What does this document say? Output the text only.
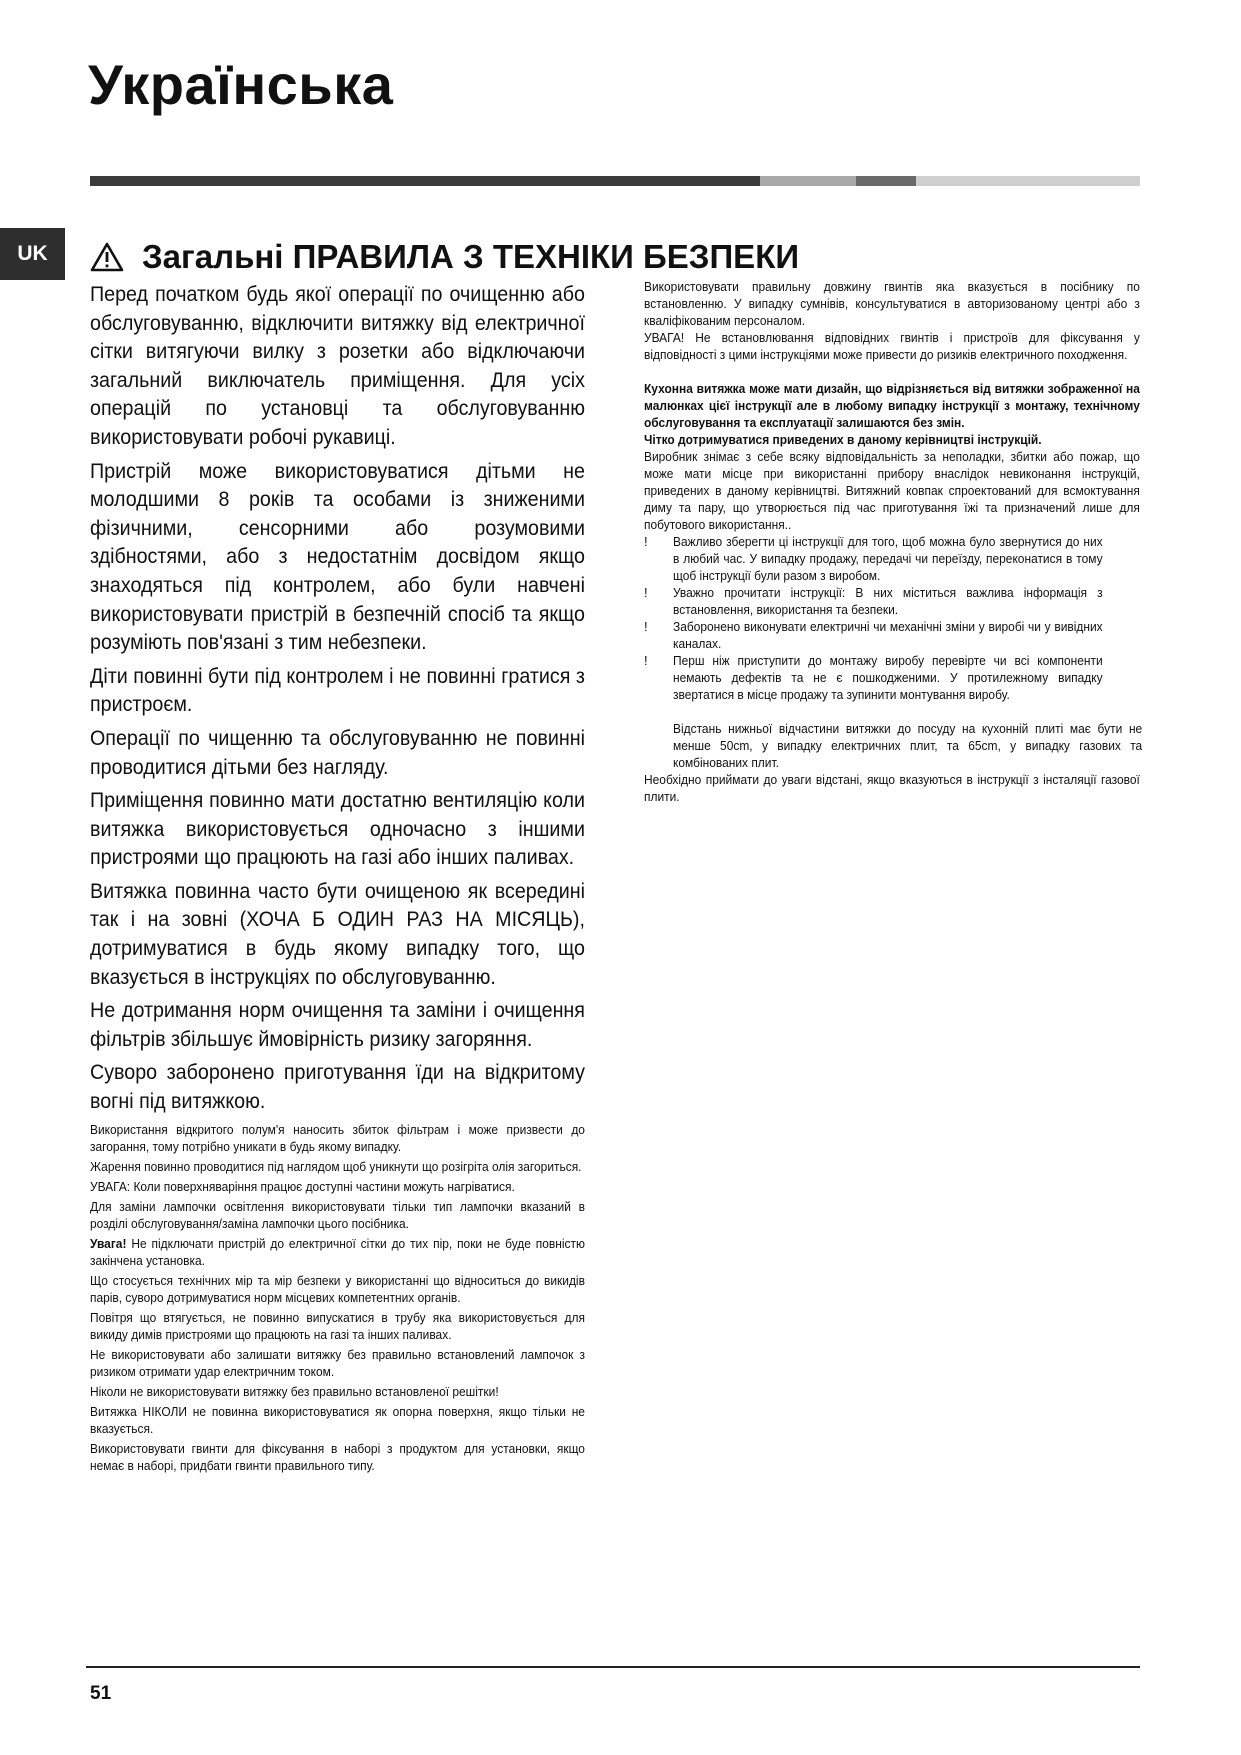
Українська
UK	Загальні ПРАВИЛА З ТЕХНІКИ БЕЗПЕКИ

Перед початком будь якої операції по очищенню або обслуговуванню, відключити витяжку від електричної сітки витягуючи вилку з розетки або відключаючи загальний виключатель приміщення. Для усіх операцій по установці та обслуговуванню використовувати робочі рукавиці.

Пристрій може використовуватися дітьми не молодшими 8 років та особами із зниженими фізичними, сенсорними або розумовими здібностями, або з недостатнім досвідом якщо знаходяться під контролем, або були навчені використовувати пристрій в безпечній спосіб та якщо розуміють пов'язані з тим небезпеки.

Діти повинні бути під контролем і не повинні гратися з пристроєм.

Операції по чищенню та обслуговуванню не повинні проводитися дітьми без нагляду.

Приміщення повинно мати достатню вентиляцію коли витяжка використовується одночасно з іншими пристроями що працюють на газі або інших паливах.

Витяжка повинна часто бути очищеною як всередині так і на зовні (ХОЧА Б ОДИН РАЗ НА МІСЯЦЬ), дотримуватися в будь якому випадку того, що вказується в інструкціях по обслуговуванню.

Не дотримання норм очищення та заміни і очищення фільтрів збільшує ймовірність ризику загоряння.

Суворо заборонено приготування їди на відкритому вогні під витяжкою.

Використання відкритого полум'я наносить збиток фільтрам і може призвести до загорання, тому потрібно уникати в будь якому випадку.

Жарення повинно проводитися під наглядом щоб уникнути що розігріта олія загориться.

УВАГА: Коли поверхняваріння працює доступні частини можуть нагріватися.

Для заміни лампочки освітлення використовувати тільки тип лампочки вказаний в розділі обслуговування/заміна лампочки цього посібника.

Увага! Не підключати пристрій до електричної сітки до тих пір, поки не буде повністю закінчена установка.

Що стосується технічних мір та мір безпеки у використанні що відноситься до викидів парів, суворо дотримуватися норм місцевих компетентних органів.

Повітря що втягується, не повинно випускатися в трубу яка використовується для викиду димів пристроями що працюють на газі та інших паливах.

Не використовувати або залишати витяжку без правильно встановлений лампочок з ризиком отримати удар електричним током.

Ніколи не використовувати витяжку без правильно встановленої решітки!

Витяжка НІКОЛИ не повинна використовуватися як опорна поверхня, якщо тільки не вказується.

Використовувати гвинти для фіксування в наборі з продуктом для установки, якщо немає в наборі, придбати гвинти правильного типу.

Використовувати правильну довжину гвинтів яка вказується в посібнику по встановленню. У випадку сумнівів, консультуватися в авторизованому центрі або з кваліфікованим персоналом.

УВАГА! Не встановлювання відповідних гвинтів і пристроїв для фіксування у відповідності з цими інструкціями може привести до ризиків електричного походження.

Кухонна витяжка може мати дизайн, що відрізняється від витяжки зображенної на малюнках цієї інструкції але в любому випадку інструкції з монтажу, технічному обслуговування та експлуатації залишаются без змін.

Чітко дотримуватися приведених в даному керівництві інструкцій.

Виробник знімає з себе всяку відповідальність за неполадки, збитки або пожар, що може мати місце при використанні прибору внаслідок невиконання інструкцій, приведених в даному керівництві. Витяжний ковпак спроектований для всмоктування диму та пару, що утворюється під час приготування їжі та призначений лише для побутового використання..

!	Важливо зберегти ці інструкції для того, щоб можна було звернутися до них в любий час. У випадку продажу, передачі чи переїзду, переконатися в тому щоб інструкції були разом з виробом.

!	Уважно прочитати інструкції: В них міститься важлива інформація з встановлення, використання та безпеки.

!	Заборонено виконувати електричні чи механічні зміни у виробі чи у вивідних каналах.

!	Перш ніж приступити до монтажу виробу перевірте чи всі компоненти немають дефектів та не є пошкодженими. У протилежному випадку звертатися в місце продажу та зупинити монтування виробу.

Відстань нижньої відчастини витяжки до посуду на кухонній плиті має бути не менше 50cm, у випадку електричних плит, та 65cm, у випадку газових та комбінованих плит.

Необхідно приймати до уваги відстані, якщо вказуються в інструкції з інсталяції газової плити.

51
